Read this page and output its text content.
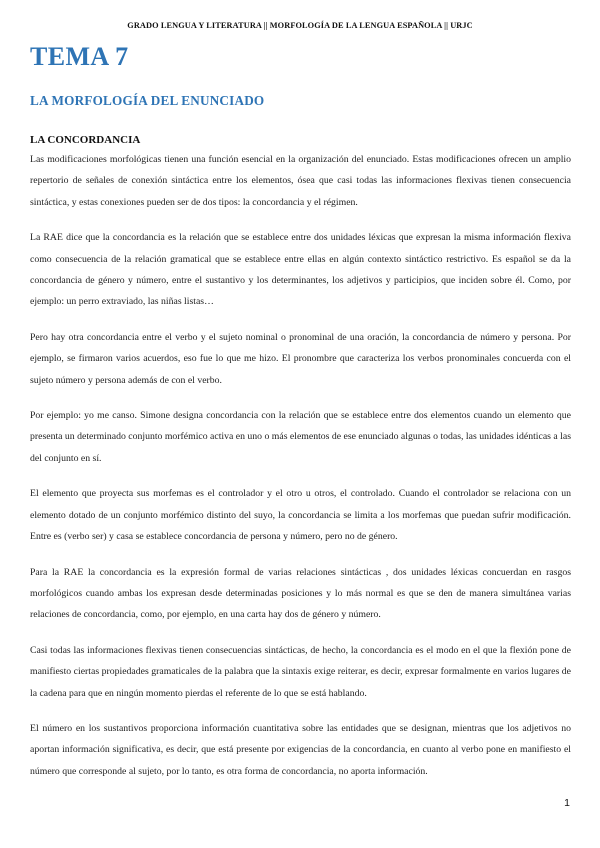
GRADO LENGUA Y LITERATURA || MORFOLOGÍA DE LA LENGUA ESPAÑOLA || URJC
TEMA 7
LA MORFOLOGÍA DEL ENUNCIADO
LA CONCORDANCIA

Las modificaciones morfológicas tienen una función esencial en la organización del enunciado. Estas modificaciones ofrecen un amplio repertorio de señales de conexión sintáctica entre los elementos, ósea que casi todas las informaciones flexivas tienen consecuencia sintáctica, y estas conexiones pueden ser de dos tipos: la concordancia y el régimen.

La RAE dice que la concordancia es la relación que se establece entre dos unidades léxicas que expresan la misma información flexiva como consecuencia de la relación gramatical que se establece entre ellas en algún contexto sintáctico restrictivo. Es español se da la concordancia de género y número, entre el sustantivo y los determinantes, los adjetivos y participios, que inciden sobre él. Como, por ejemplo: un perro extraviado, las niñas listas…

Pero hay otra concordancia entre el verbo y el sujeto nominal o pronominal de una oración, la concordancia de número y persona. Por ejemplo, se firmaron varios acuerdos, eso fue lo que me hizo. El pronombre que caracteriza los verbos pronominales concuerda con el sujeto número y persona además de con el verbo.

Por ejemplo: yo me canso. Simone designa concordancia con la relación que se establece entre dos elementos cuando un elemento que presenta un determinado conjunto morfémico activa en uno o más elementos de ese enunciado algunas o todas, las unidades idénticas a las del conjunto en sí.

El elemento que proyecta sus morfemas es el controlador y el otro u otros, el controlado. Cuando el controlador se relaciona con un elemento dotado de un conjunto morfémico distinto del suyo, la concordancia se limita a los morfemas que puedan sufrir modificación. Entre es (verbo ser) y casa se establece concordancia de persona y número, pero no de género.

Para la RAE la concordancia es la expresión formal de varias relaciones sintácticas , dos unidades léxicas concuerdan en rasgos morfológicos cuando ambas los expresan desde determinadas posiciones y lo más normal es que se den de manera simultánea varias relaciones de concordancia, como, por ejemplo, en una carta hay dos de género y número.

Casi todas las informaciones flexivas tienen consecuencias sintácticas, de hecho, la concordancia es el modo en el que la flexión pone de manifiesto ciertas propiedades gramaticales de la palabra que la sintaxis exige reiterar, es decir, expresar formalmente en varios lugares de la cadena para que en ningún momento pierdas el referente de lo que se está hablando.

El número en los sustantivos proporciona información cuantitativa sobre las entidades que se designan, mientras que los adjetivos no aportan información significativa, es decir, que está presente por exigencias de la concordancia, en cuanto al verbo pone en manifiesto el número que corresponde al sujeto, por lo tanto, es otra forma de concordancia, no aporta información.

1
